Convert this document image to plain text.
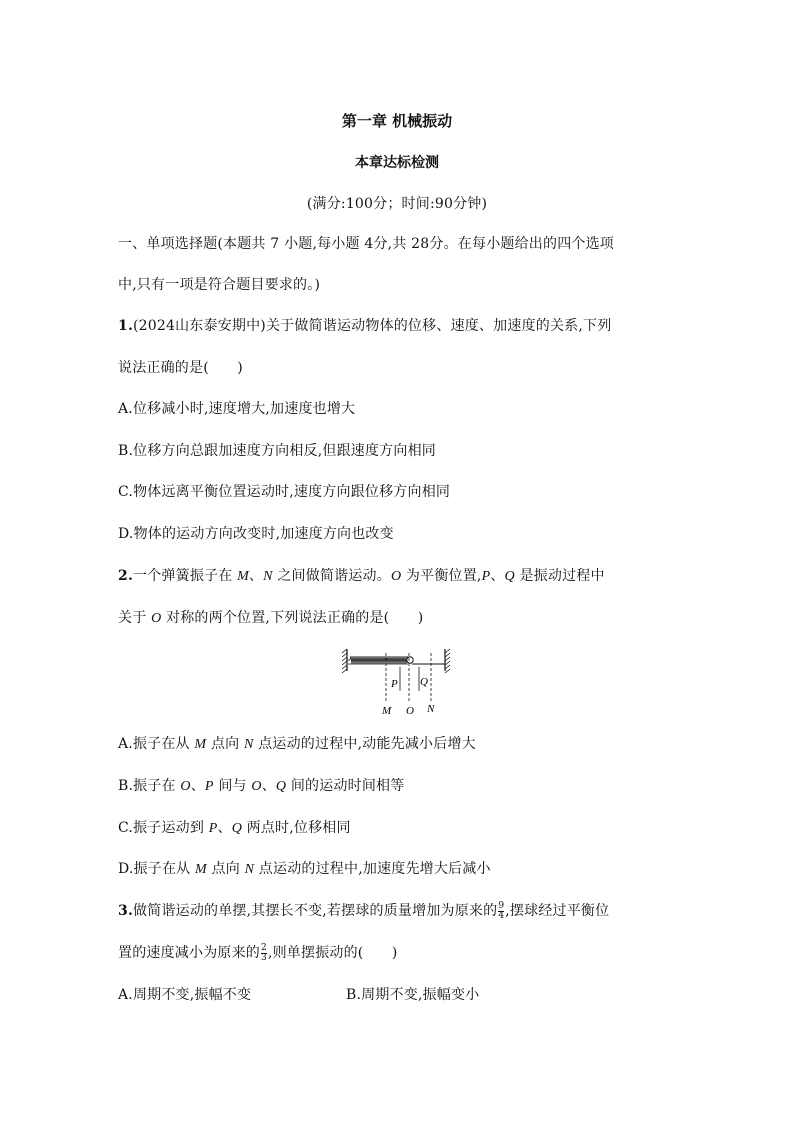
第一章 机械振动
本章达标检测
(满分:100分；时间:90分钟)
一、单项选择题(本题共 7 小题,每小题 4分,共 28分。在每小题给出的四个选项
中,只有一项是符合题目要求的。)
1.(2024山东泰安期中)关于做简谐运动物体的位移、速度、加速度的关系,下列
说法正确的是(　　)
A.位移减小时,速度增大,加速度也增大
B.位移方向总跟加速度方向相反,但跟速度方向相同
C.物体远离平衡位置运动时,速度方向跟位移方向相同
D.物体的运动方向改变时,加速度方向也改变
2.一个弹簧振子在 M、N 之间做简谐运动。O 为平衡位置,P、Q 是振动过程中
关于 O 对称的两个位置,下列说法正确的是(　　)
P Q
M O N
A.振子在从 M 点向 N 点运动的过程中,动能先减小后增大
B.振子在 O、P 间与 O、Q 间的运动时间相等
C.振子运动到 P、Q 两点时,位移相同
D.振子在从 M 点向 N 点运动的过程中,加速度先增大后减小
3.做简谐运动的单摆,其摆长不变,若摆球的质量增加为原来的 $\frac{9}{4}$ ,摆球经过平衡位
置的速度减小为原来的 $\frac{2}{3}$ ,则单摆振动的(　　)
A.周期不变,振幅不变	B.周期不变,振幅变小
